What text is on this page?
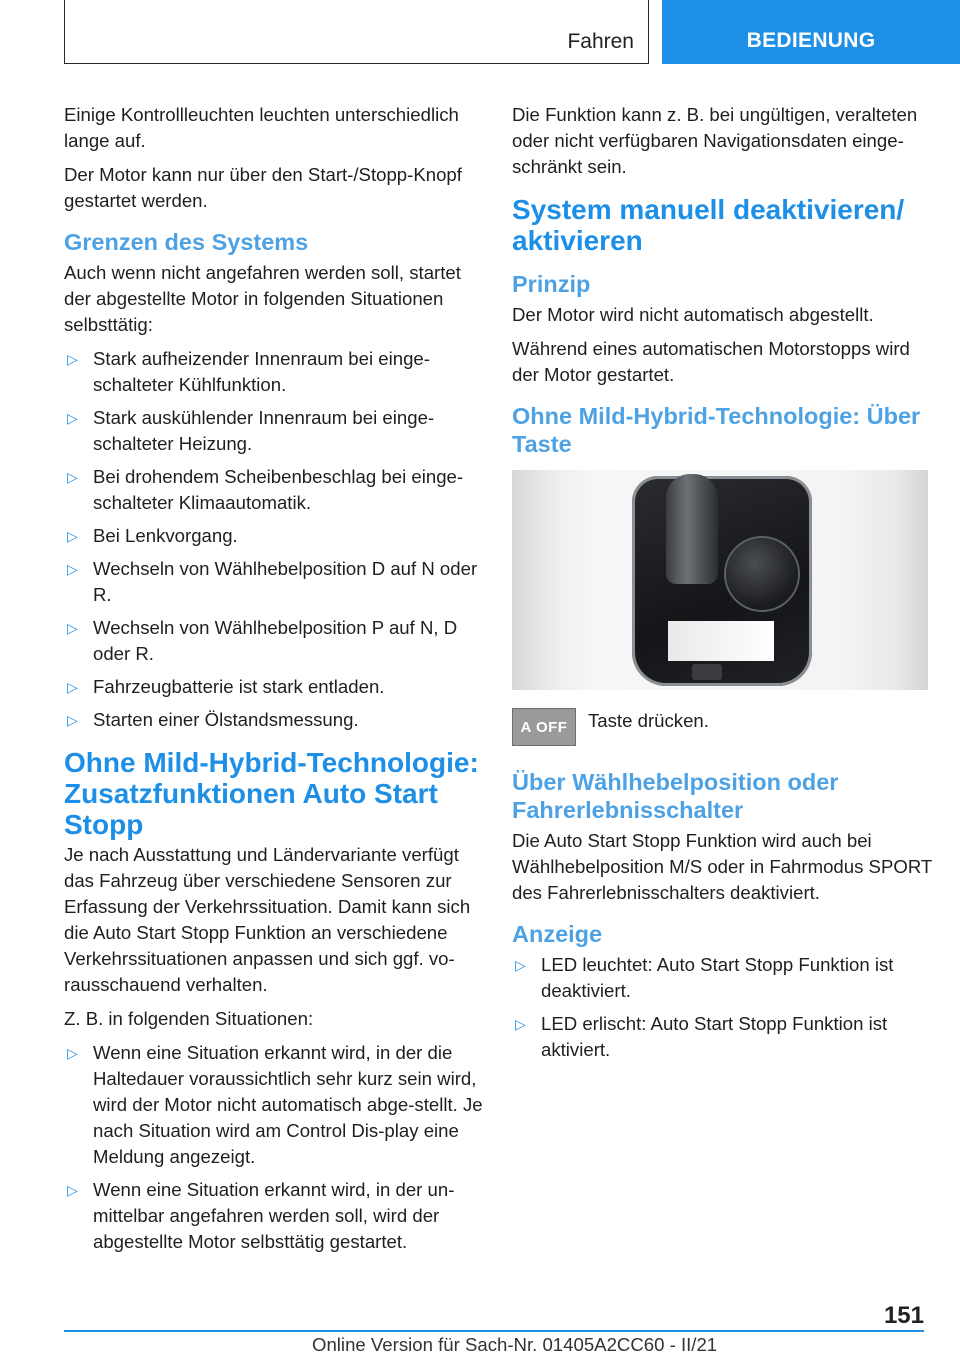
Fahren	BEDIENUNG

Einige Kontrollleuchten leuchten unterschiedlich lange auf.

Der Motor kann nur über den Start-/Stopp-Knopf gestartet werden.

Grenzen des Systems

Auch wenn nicht angefahren werden soll, startet der abgestellte Motor in folgenden Situationen selbsttätig:

▷ Stark aufheizender Innenraum bei einge-schalteter Kühlfunktion.
▷ Stark auskühlender Innenraum bei einge-schalteter Heizung.
▷ Bei drohendem Scheibenbeschlag bei einge-schalteter Klimaautomatik.
▷ Bei Lenkvorgang.
▷ Wechseln von Wählhebelposition D auf N oder R.
▷ Wechseln von Wählhebelposition P auf N, D oder R.
▷ Fahrzeugbatterie ist stark entladen.
▷ Starten einer Ölstandsmessung.
Ohne Mild-Hybrid-Technologie: Zusatzfunktionen Auto Start Stopp

Je nach Ausstattung und Ländervariante verfügt das Fahrzeug über verschiedene Sensoren zur Erfassung der Verkehrssituation. Damit kann sich die Auto Start Stopp Funktion an verschiedene Verkehrssituationen anpassen und sich ggf. vo-rausschauend verhalten.

Z. B. in folgenden Situationen:

▷ Wenn eine Situation erkannt wird, in der die Haltedauer voraussichtlich sehr kurz sein wird, wird der Motor nicht automatisch abge-stellt. Je nach Situation wird am Control Dis-play eine Meldung angezeigt.
▷ Wenn eine Situation erkannt wird, in der un-mittelbar angefahren werden soll, wird der abgestellte Motor selbsttätig gestartet.

Die Funktion kann z. B. bei ungültigen, veralteten oder nicht verfügbaren Navigationsdaten einge-schränkt sein.

System manuell deaktivieren/ aktivieren
Prinzip

Der Motor wird nicht automatisch abgestellt.

Während eines automatischen Motorstopps wird der Motor gestartet.

Ohne Mild-Hybrid-Technologie: Über Taste
A OFF	Taste drücken.
Über Wählhebelposition oder Fahrerlebnisschalter

Die Auto Start Stopp Funktion wird auch bei Wählhebelposition M/S oder in Fahrmodus SPORT des Fahrerlebnisschalters deaktiviert.

Anzeige
▷ LED leuchtet: Auto Start Stopp Funktion ist deaktiviert.
▷ LED erlischt: Auto Start Stopp Funktion ist aktiviert.
151
Online Version für Sach-Nr. 01405A2CC60 - II/21
